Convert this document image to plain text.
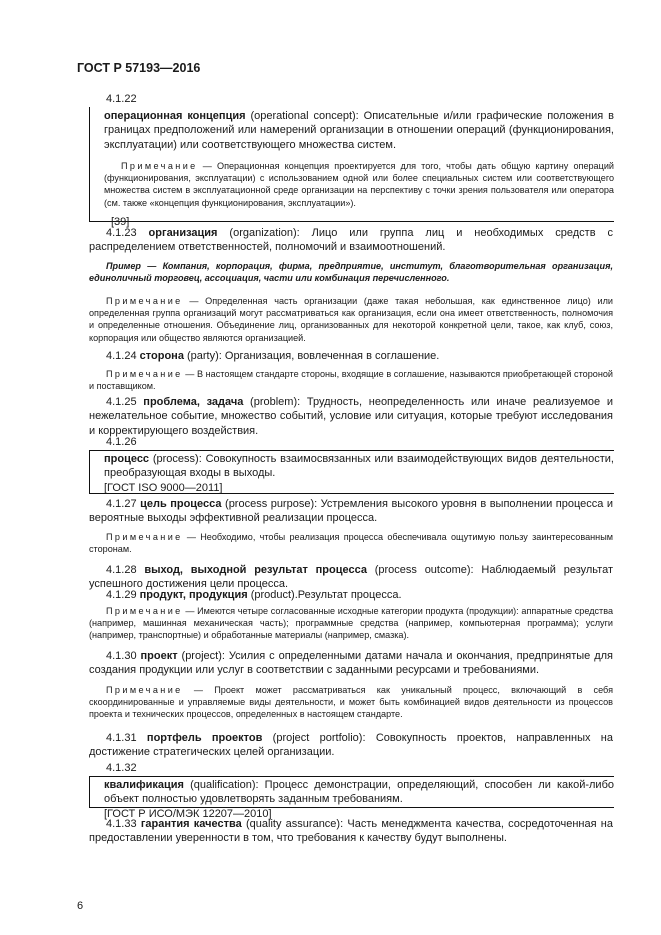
ГОСТ Р 57193—2016
4.1.22
операционная концепция (operational concept): Описательные и/или графические положения в границах предположений или намерений организации в отношении операций (функционирования, эксплуатации) или соответствующего множества систем.
Примечание — Операционная концепция проектируется для того, чтобы дать общую картину операций (функционирования, эксплуатации) с использованием одной или более специальных систем или соответствующего множества систем в эксплуатационной среде организации на перспективу с точки зрения пользователя или оператора (см. также «концепция функционирования, эксплуатации»).
[39]
4.1.23 организация (organization): Лицо или группа лиц и необходимых средств с распределением ответственностей, полномочий и взаимоотношений.
Пример — Компания, корпорация, фирма, предприятие, институт, благотворительная организация, единоличный торговец, ассоциация, части или комбинация перечисленного.
Примечание — Определенная часть организации (даже такая небольшая, как единственное лицо) или определенная группа организаций могут рассматриваться как организация, если она имеет ответственность, полномочия и определенные отношения. Объединение лиц, организованных для некоторой конкретной цели, такое, как клуб, союз, корпорация или общество являются организацией.
4.1.24 сторона (party): Организация, вовлеченная в соглашение.
Примечание — В настоящем стандарте стороны, входящие в соглашение, называются приобретающей стороной и поставщиком.
4.1.25 проблема, задача (problem): Трудность, неопределенность или иначе реализуемое и нежелательное событие, множество событий, условие или ситуация, которые требуют исследования и корректирующего воздействия.
4.1.26
процесс (process): Совокупность взаимосвязанных или взаимодействующих видов деятельности, преобразующая входы в выходы.
[ГОСТ ISO 9000—2011]
4.1.27 цель процесса (process purpose): Устремления высокого уровня в выполнении процесса и вероятные выходы эффективной реализации процесса.
Примечание — Необходимо, чтобы реализация процесса обеспечивала ощутимую пользу заинтересованным сторонам.
4.1.28 выход, выходной результат процесса (process outcome): Наблюдаемый результат успешного достижения цели процесса.
4.1.29 продукт, продукция (product).Результат процесса.
Примечание — Имеются четыре согласованные исходные категории продукта (продукции): аппаратные средства (например, машинная механическая часть); программные средства (например, компьютерная программа); услуги (например, транспортные) и обработанные материалы (например, смазка).
4.1.30 проект (project): Усилия с определенными датами начала и окончания, предпринятые для создания продукции или услуг в соответствии с заданными ресурсами и требованиями.
Примечание — Проект может рассматриваться как уникальный процесс, включающий в себя скоординированные и управляемые виды деятельности, и может быть комбинацией видов деятельности из процессов проекта и технических процессов, определенных в настоящем стандарте.
4.1.31 портфель проектов (project portfolio): Совокупность проектов, направленных на достижение стратегических целей организации.
4.1.32
квалификация (qualification): Процесс демонстрации, определяющий, способен ли какой-либо объект полностью удовлетворять заданным требованиям.
[ГОСТ Р ИСО/МЭК 12207—2010]
4.1.33 гарантия качества (quality assurance): Часть менеджмента качества, сосредоточенная на предоставлении уверенности в том, что требования к качеству будут выполнены.
6
